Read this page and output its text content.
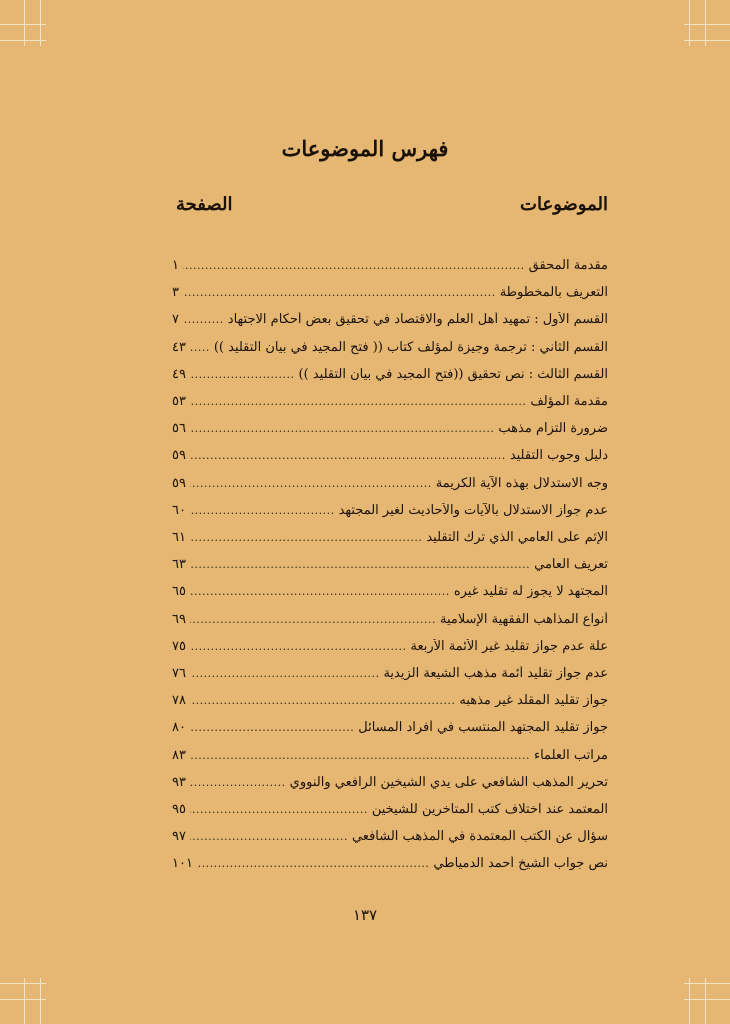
فهرس الموضوعات
الموضوعات
الصفحة
مقدمة المحقق
.....
١
التعريف بالمخطوطة
.....
٣
القسم الأول : تمهيد أهل العلم والاقتصاد في تحقيق بعض أحكام الاجتهاد
.....
٧
القسم الثاني : ترجمة وجيزة لمؤلف كتاب (( فتح المجيد في بيان التقليد ))
.....
٤٣
القسم الثالث : نص تحقيق ((فتح المجيد في بيان التقليد ))
.....
٤٩
مقدمة المؤلف
.....
٥٣
ضرورة التزام مذهب
.....
٥٦
دليل وجوب التقليد
.....
٥٩
وجه الاستدلال بهذه الآية الكريمة
.....
٥٩
عدم جواز الاستدلال بالآيات والأحاديث لغير المجتهد
.....
٦٠
الإثم على العامي الذي ترك التقليد
.....
٦١
تعريف العامي
.....
٦٣
المجتهد لا يجوز له تقليد غيره
.....
٦٥
أنواع المذاهب الفقهية الإسلامية
.....
٦٩
علة عدم جواز تقليد غير الأئمة الأربعة
.....
٧٥
عدم جواز تقليد أئمة مذهب الشيعة الزيدية
.....
٧٦
جواز تقليد المقلد غير مذهبه
.....
٧٨
جواز تقليد المجتهد المنتسب في أفراد المسائل
.....
٨٠
مراتب العلماء
.....
٨٣
تحرير المذهب الشافعي على يدي الشيخين الرافعي والنووي
.....
٩٣
المعتمد عند اختلاف كتب المتأخرين للشيخين
.....
٩٥
سؤال عن الكتب المعتمدة في المذهب الشافعي
.....
٩٧
نص جواب الشيخ أحمد الدمياطي
.....
١٠١
١٣٧
